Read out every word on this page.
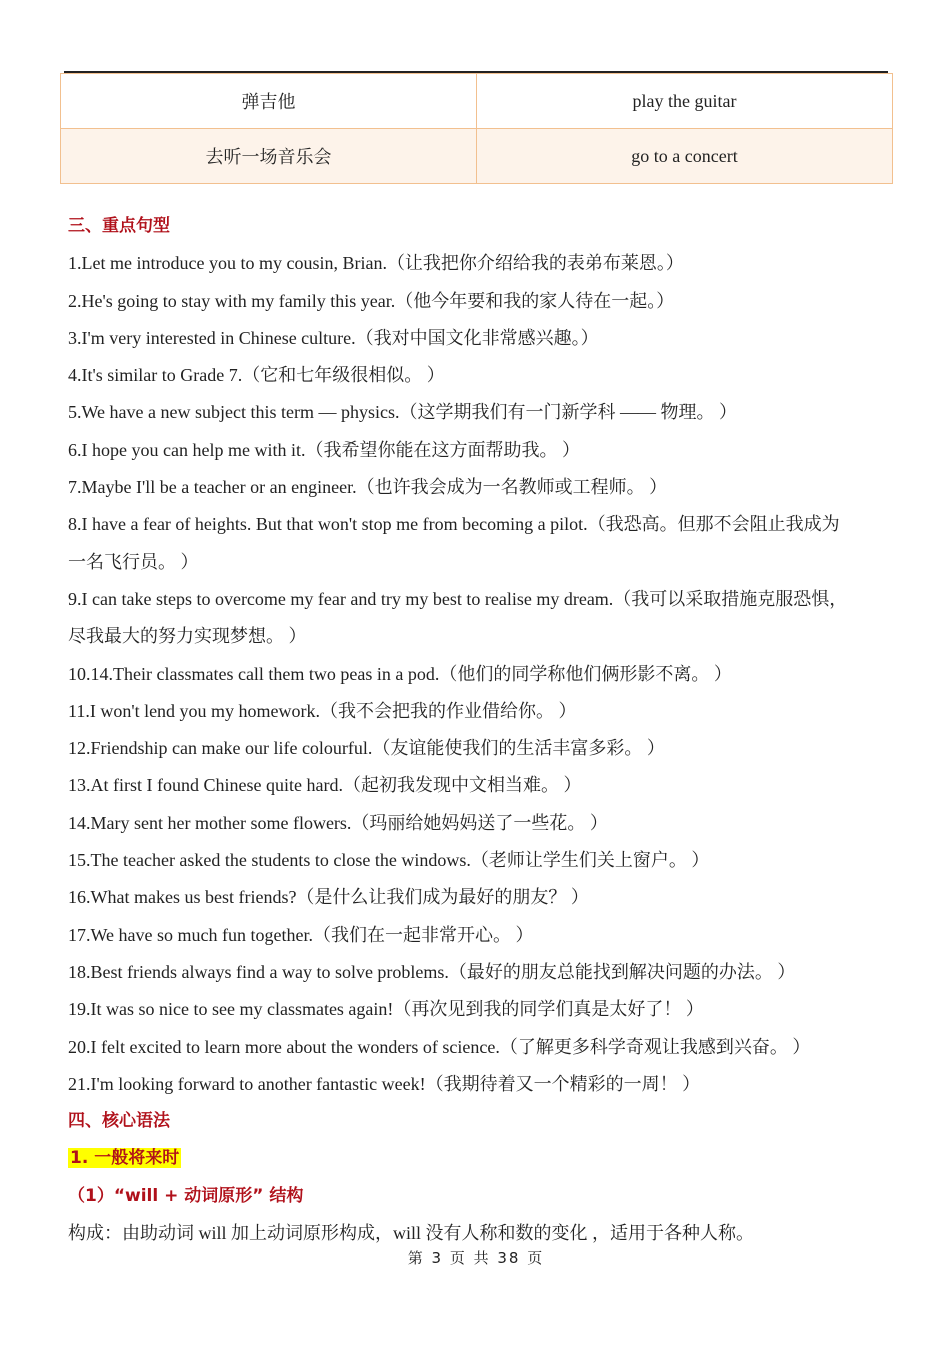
弹吉他	play the guitar
去听一场音乐会	go to a concert
三、重点句型
1.Let me introduce you to my cousin, Brian.（让我把你介绍给我的表弟布莱恩。）
2.He's going to stay with my family this year.（他今年要和我的家人待在一起。）
3.I'm very interested in Chinese culture.（我对中国文化非常感兴趣。）
4.It's similar to Grade 7.（它和七年级很相似。 ）
5.We have a new subject this term — physics.（这学期我们有一门新学科 —— 物理。 ）
6.I hope you can help me with it.（我希望你能在这方面帮助我。 ）
7.Maybe I'll be a teacher or an engineer.（也许我会成为一名教师或工程师。 ）
8.I have a fear of heights. But that won't stop me from becoming a pilot.（我恐高。但那不会阻止我成为
一名飞行员。 ）
9.I can take steps to overcome my fear and try my best to realise my dream.（我可以采取措施克服恐惧，
尽我最大的努力实现梦想。 ）
10.14.Their classmates call them two peas in a pod.（他们的同学称他们俩形影不离。 ）
11.I won't lend you my homework.（我不会把我的作业借给你。 ）
12.Friendship can make our life colourful.（友谊能使我们的生活丰富多彩。 ）
13.At first I found Chinese quite hard.（起初我发现中文相当难。 ）
14.Mary sent her mother some flowers.（玛丽给她妈妈送了一些花。 ）
15.The teacher asked the students to close the windows.（老师让学生们关上窗户。 ）
16.What makes us best friends?（是什么让我们成为最好的朋友？ ）
17.We have so much fun together.（我们在一起非常开心。 ）
18.Best friends always find a way to solve problems.（最好的朋友总能找到解决问题的办法。 ）
19.It was so nice to see my classmates again!（再次见到我的同学们真是太好了！ ）
20.I felt excited to learn more about the wonders of science.（了解更多科学奇观让我感到兴奋。 ）
21.I'm looking forward to another fantastic week!（我期待着又一个精彩的一周！ ）
四、核心语法
1. 一般将来时
（1）“will + 动词原形” 结构
构成：由助动词 will 加上动词原形构成，will 没有人称和数的变化 ，适用于各种人称。
第 3 页 共 38 页
